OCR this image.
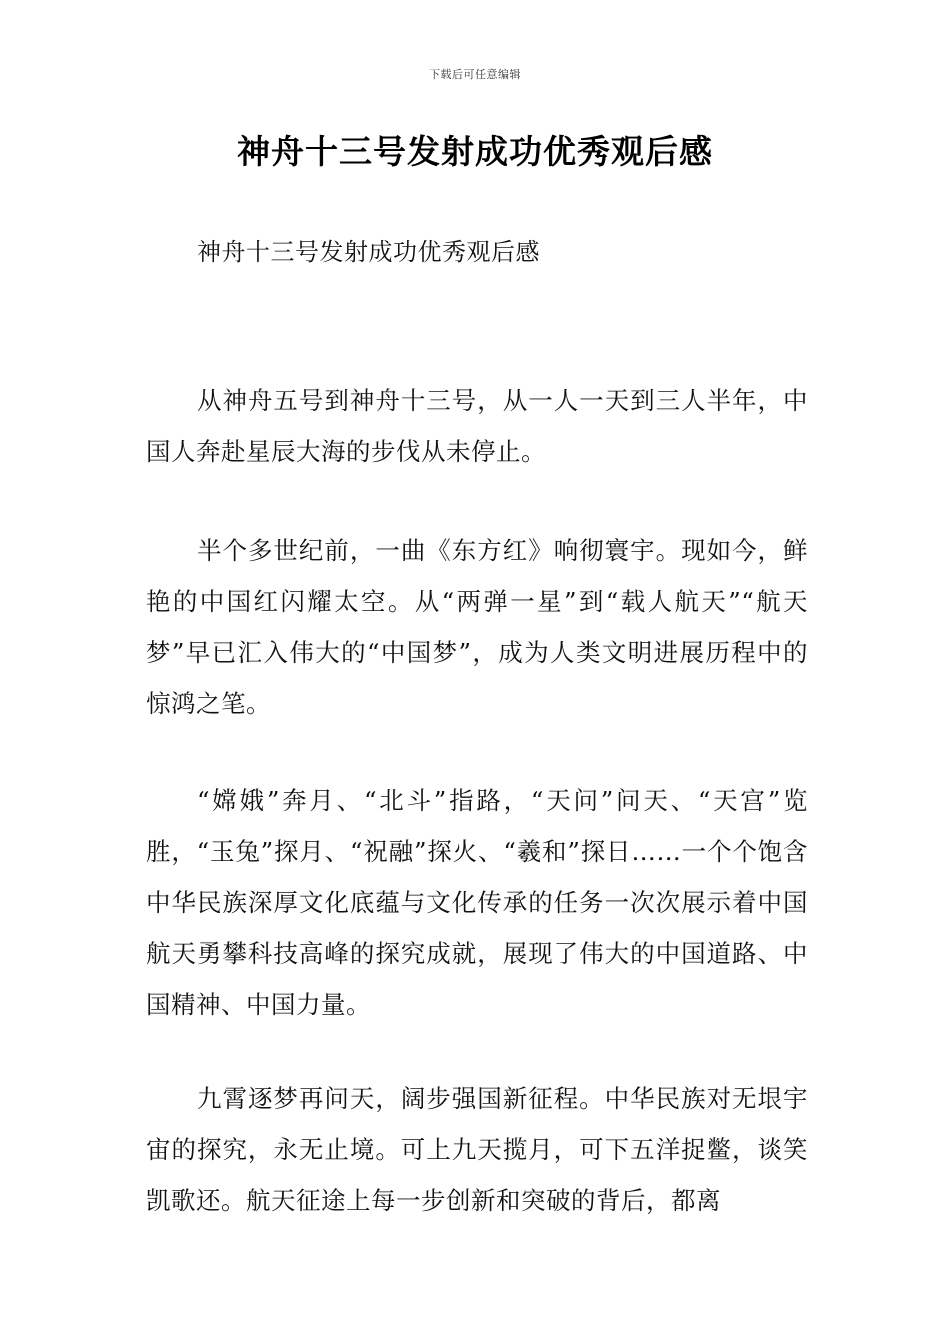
下载后可任意编辑
神舟十三号发射成功优秀观后感
神舟十三号发射成功优秀观后感
从神舟五号到神舟十三号，从一人一天到三人半年，中国人奔赴星辰大海的步伐从未停止。
半个多世纪前，一曲《东方红》响彻寰宇。现如今，鲜艳的中国红闪耀太空。从“两弹一星”到“载人航天”“航天梦”早已汇入伟大的“中国梦”，成为人类文明进展历程中的惊鸿之笔。
“嫦娥”奔月、“北斗”指路，“天问”问天、“天宫”览胜，“玉兔”探月、“祝融”探火、“羲和”探日……一个个饱含中华民族深厚文化底蕴与文化传承的任务一次次展示着中国航天勇攀科技高峰的探究成就，展现了伟大的中国道路、中国精神、中国力量。
九霄逐梦再问天，阔步强国新征程。中华民族对无垠宇宙的探究，永无止境。可上九天揽月，可下五洋捉鳖，谈笑凯歌还。航天征途上每一步创新和突破的背后，都离
